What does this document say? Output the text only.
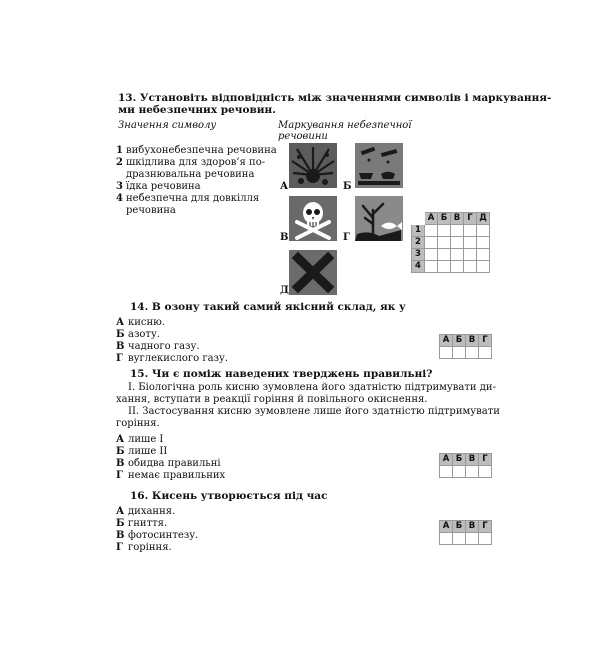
13. Установіть відповідність між значеннями символів і маркування-
ми небезпечних речовин.
Значення символу	Маркування небезпечної
речовини
1 вибухонебезпечна речовина
2 шкідлива для здоров’я по-
дразнювальна речовина
3 їдка речовина
4 небезпечна для довкілля
речовина
А	Б
В	Г
Д
	А	Б	В	Г	Д
1					
2					
3					
4					
14. В озону такий самий якісний склад, як у
А кисню.
Б азоту.
В чадного газу.
Г вуглекислого газу.
А	Б	В	Г

15. Чи є поміж наведених тверджень правильні?
І. Біологічна роль кисню зумовлена його здатністю підтримувати ди-
хання, вступати в реакції горіння й повільного окиснення.
ІІ. Застосування кисню зумовлене лише його здатністю підтримувати
горіння.
А лише І
Б лише ІІ
В обидва правильні
Г немає правильних
А	Б	В	Г

16. Кисень утворюється під час
А дихання.
Б гниття.
В фотосинтезу.
Г горіння.
А	Б	В	Г
